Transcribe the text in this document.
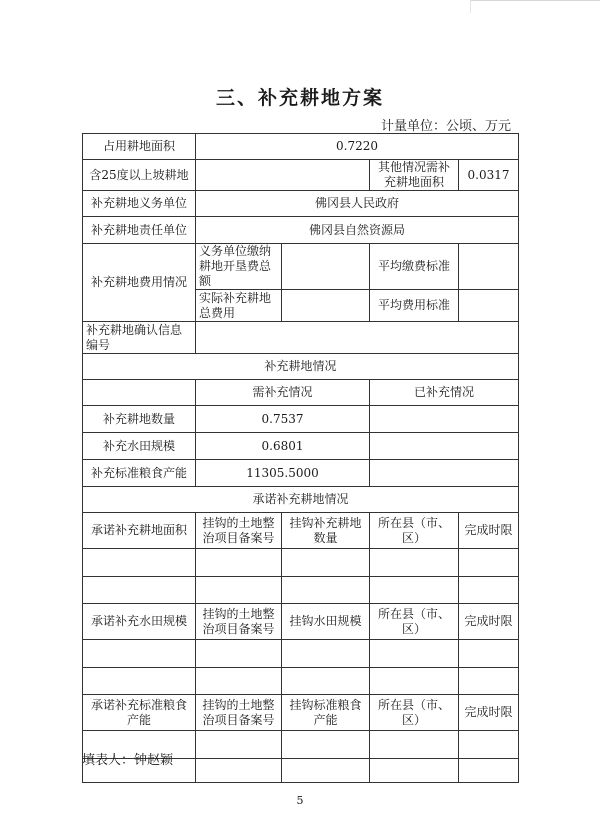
三、补充耕地方案
计量单位：公顷、万元
占用耕地面积	0.7220			
含25度以上坡耕地			其他情况需补充耕地面积	0.0317
补充耕地义务单位	佛冈县人民政府			
补充耕地责任单位	佛冈县自然资源局			
补充耕地费用情况	义务单位缴纳耕地开垦费总额		平均缴费标准	
	实际补充耕地总费用		平均费用标准	
补充耕地确认信息编号				
补充耕地情况				
	需补充情况		已补充情况	
补充耕地数量	0.7537			
补充水田规模	0.6801			
补充标准粮食产能	11305.5000			
承诺补充耕地情况				
承诺补充耕地面积	挂钩的土地整治项目备案号	挂钩补充耕地数量	所在县（市、区）	完成时限

承诺补充水田规模	挂钩的土地整治项目备案号	挂钩水田规模	所在县（市、区）	完成时限

承诺补充标准粮食产能	挂钩的土地整治项目备案号	挂钩标准粮食产能	所在县（市、区）	完成时限

填表人：钟赵颖
5
